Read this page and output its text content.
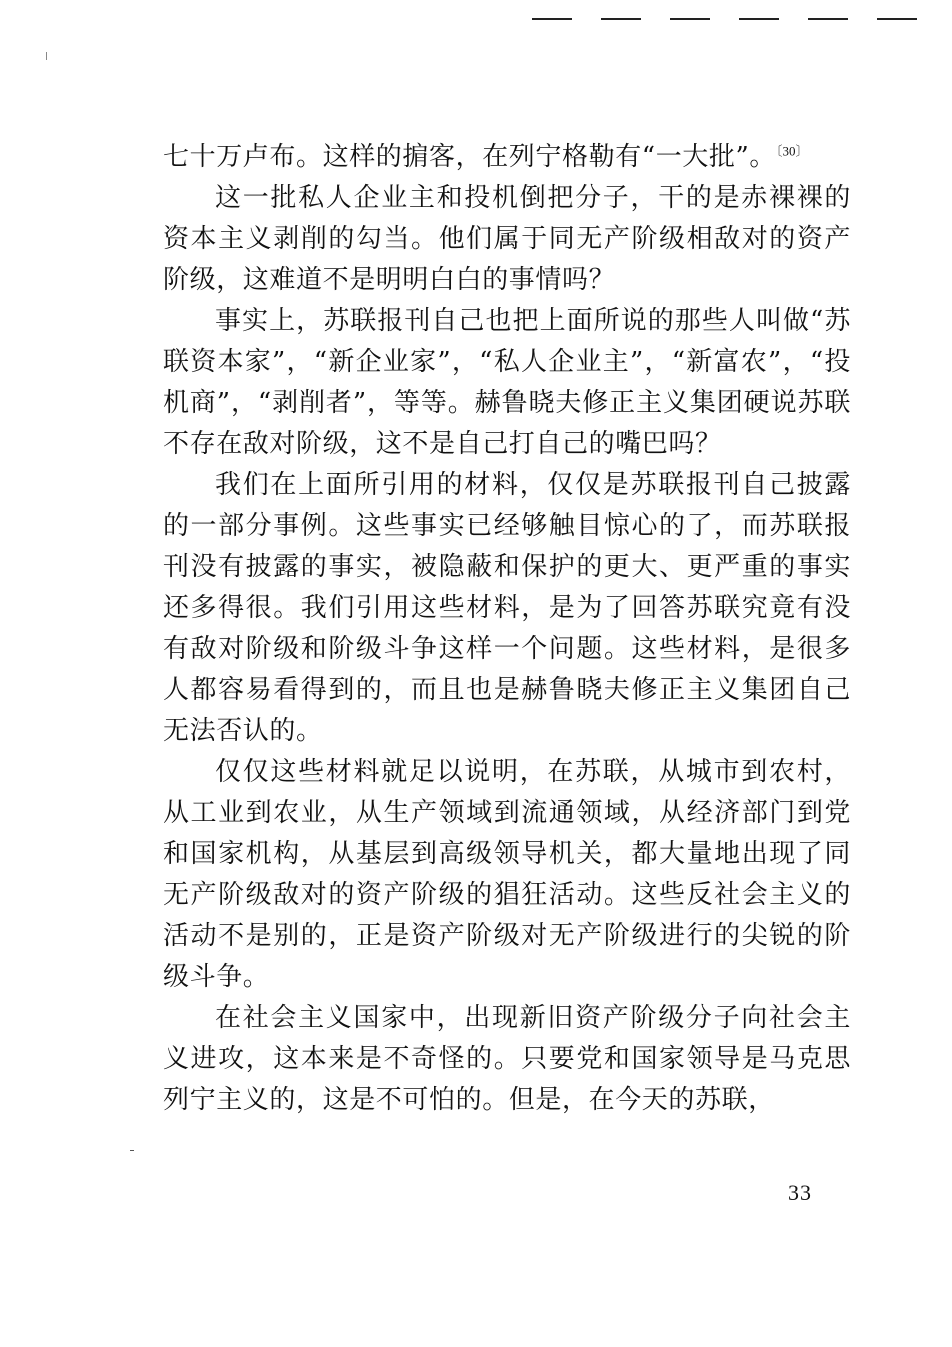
七十万卢布。这样的掮客，在列宁格勒有“一大批”。$^{〔30〕}$

这一批私人企业主和投机倒把分子，干的是赤裸裸的资本主义剥削的勾当。他们属于同无产阶级相敌对的资产阶级，这难道不是明明白白的事情吗？

事实上，苏联报刊自己也把上面所说的那些人叫做“苏联资本家”，“新企业家”，“私人企业主”，“新富农”，“投机商”，“剥削者”，等等。赫鲁晓夫修正主义集团硬说苏联不存在敌对阶级，这不是自己打自己的嘴巴吗？

我们在上面所引用的材料，仅仅是苏联报刊自己披露的一部分事例。这些事实已经够触目惊心的了，而苏联报刊没有披露的事实，被隐蔽和保护的更大、更严重的事实还多得很。我们引用这些材料，是为了回答苏联究竟有没有敌对阶级和阶级斗争这样一个问题。这些材料，是很多人都容易看得到的，而且也是赫鲁晓夫修正主义集团自己无法否认的。

仅仅这些材料就足以说明，在苏联，从城市到农村，从工业到农业，从生产领域到流通领域，从经济部门到党和国家机构，从基层到高级领导机关，都大量地出现了同无产阶级敌对的资产阶级的猖狂活动。这些反社会主义的活动不是别的，正是资产阶级对无产阶级进行的尖锐的阶级斗争。

在社会主义国家中，出现新旧资产阶级分子向社会主义进攻，这本来是不奇怪的。只要党和国家领导是马克思列宁主义的，这是不可怕的。但是，在今天的苏联，

33
